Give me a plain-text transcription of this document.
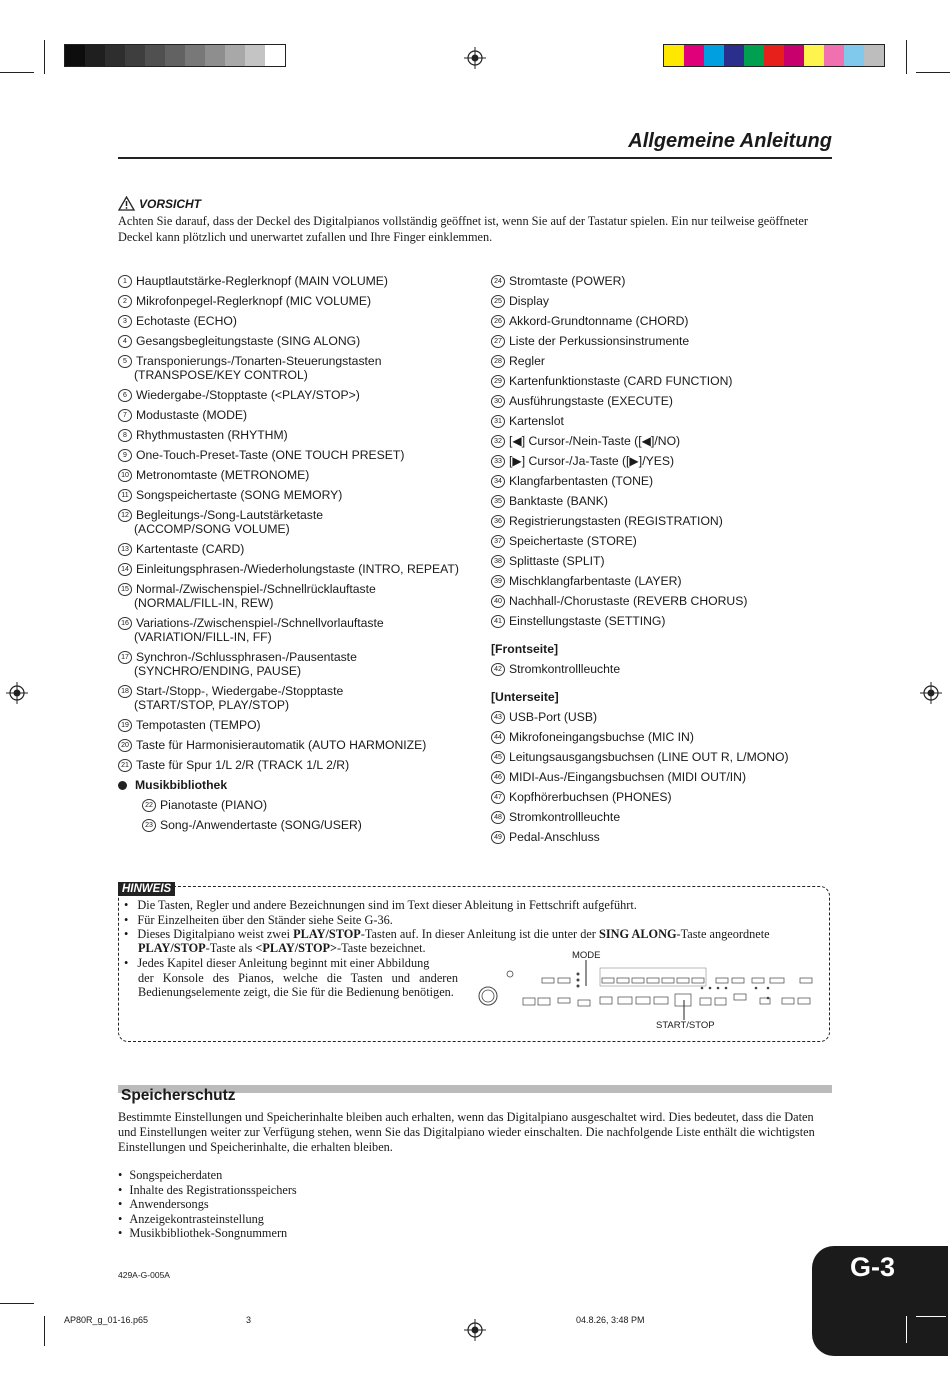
Allgemeine Anleitung
VORSICHT
Achten Sie darauf, dass der Deckel des Digitalpianos vollständig geöffnet ist, wenn Sie auf der Tastatur spielen. Ein nur teilweise geöffneter Deckel kann plötzlich und unerwartet zufallen und Ihre Finger einklemmen.
1 Hauptlautstärke-Reglerknopf (MAIN VOLUME)
2 Mikrofonpegel-Reglerknopf (MIC VOLUME)
3 Echotaste (ECHO)
4 Gesangsbegleitungstaste (SING ALONG)
5 Transponierungs-/Tonarten-Steuerungstasten
(TRANSPOSE/KEY CONTROL)
6 Wiedergabe-/Stopptaste (<PLAY/STOP>)
7 Modustaste (MODE)
8 Rhythmustasten (RHYTHM)
9 One-Touch-Preset-Taste (ONE TOUCH PRESET)
10 Metronomtaste (METRONOME)
11 Songspeichertaste (SONG MEMORY)
12 Begleitungs-/Song-Lautstärketaste
(ACCOMP/SONG VOLUME)
13 Kartentaste (CARD)
14 Einleitungsphrasen-/Wiederholungstaste (INTRO, REPEAT)
15 Normal-/Zwischenspiel-/Schnellrücklauftaste
(NORMAL/FILL-IN, REW)
16 Variations-/Zwischenspiel-/Schnellvorlauftaste
(VARIATION/FILL-IN, FF)
17 Synchron-/Schlussphrasen-/Pausentaste
(SYNCHRO/ENDING, PAUSE)
18 Start-/Stopp-, Wiedergabe-/Stopptaste
(START/STOP, PLAY/STOP)
19 Tempotasten (TEMPO)
20 Taste für Harmonisierautomatik (AUTO HARMONIZE)
21 Taste für Spur 1/L 2/R (TRACK 1/L 2/R)
Musikbibliothek
22 Pianotaste (PIANO)
23 Song-/Anwendertaste (SONG/USER)
24 Stromtaste (POWER)
25 Display
26 Akkord-Grundtonname (CHORD)
27 Liste der Perkussionsinstrumente
28 Regler
29 Kartenfunktionstaste (CARD FUNCTION)
30 Ausführungstaste (EXECUTE)
31 Kartenslot
32 [◀] Cursor-/Nein-Taste ([◀]/NO)
33 [▶] Cursor-/Ja-Taste ([▶]/YES)
34 Klangfarbentasten (TONE)
35 Banktaste (BANK)
36 Registrierungstasten (REGISTRATION)
37 Speichertaste (STORE)
38 Splittaste (SPLIT)
39 Mischklangfarbentaste (LAYER)
40 Nachhall-/Chorustaste (REVERB CHORUS)
41 Einstellungstaste (SETTING)
[Frontseite]
42 Stromkontrollleuchte
[Unterseite]
43 USB-Port (USB)
44 Mikrofoneingangsbuchse (MIC IN)
45 Leitungsausgangsbuchsen (LINE OUT R, L/MONO)
46 MIDI-Aus-/Eingangsbuchsen (MIDI OUT/IN)
47 Kopfhörerbuchsen (PHONES)
48 Stromkontrollleuchte
49 Pedal-Anschluss
HINWEIS
• Die Tasten, Regler und andere Bezeichnungen sind im Text dieser Ableitung in Fettschrift aufgeführt.
• Für Einzelheiten über den Ständer siehe Seite G-36.
• Dieses Digitalpiano weist zwei PLAY/STOP-Tasten auf. In dieser Anleitung ist die unter der SING ALONG-Taste angeordnete
PLAY/STOP-Taste als <PLAY/STOP>-Taste bezeichnet.
• Jedes Kapitel dieser Anleitung beginnt mit einer Abbildung
der Konsole des Pianos, welche die Tasten und anderen
Bedienungselemente zeigt, die Sie für die Bedienung benötigen.
MODE
START/STOP
Speicherschutz
Bestimmte Einstellungen und Speicherinhalte bleiben auch erhalten, wenn das Digitalpiano ausgeschaltet wird. Dies bedeutet, dass die Daten und Einstellungen weiter zur Verfügung stehen, wenn Sie das Digitalpiano wieder einschalten. Die nachfolgende Liste enthält die wichtigsten Einstellungen und Speicherinhalte, die erhalten bleiben.
• Songspeicherdaten
• Inhalte des Registrationsspeichers
• Anwendersongs
• Anzeigekontrasteinstellung
• Musikbibliothek-Songnummern
G-3
429A-G-005A
AP80R_g_01-16.p65	3	04.8.26, 3:48 PM
